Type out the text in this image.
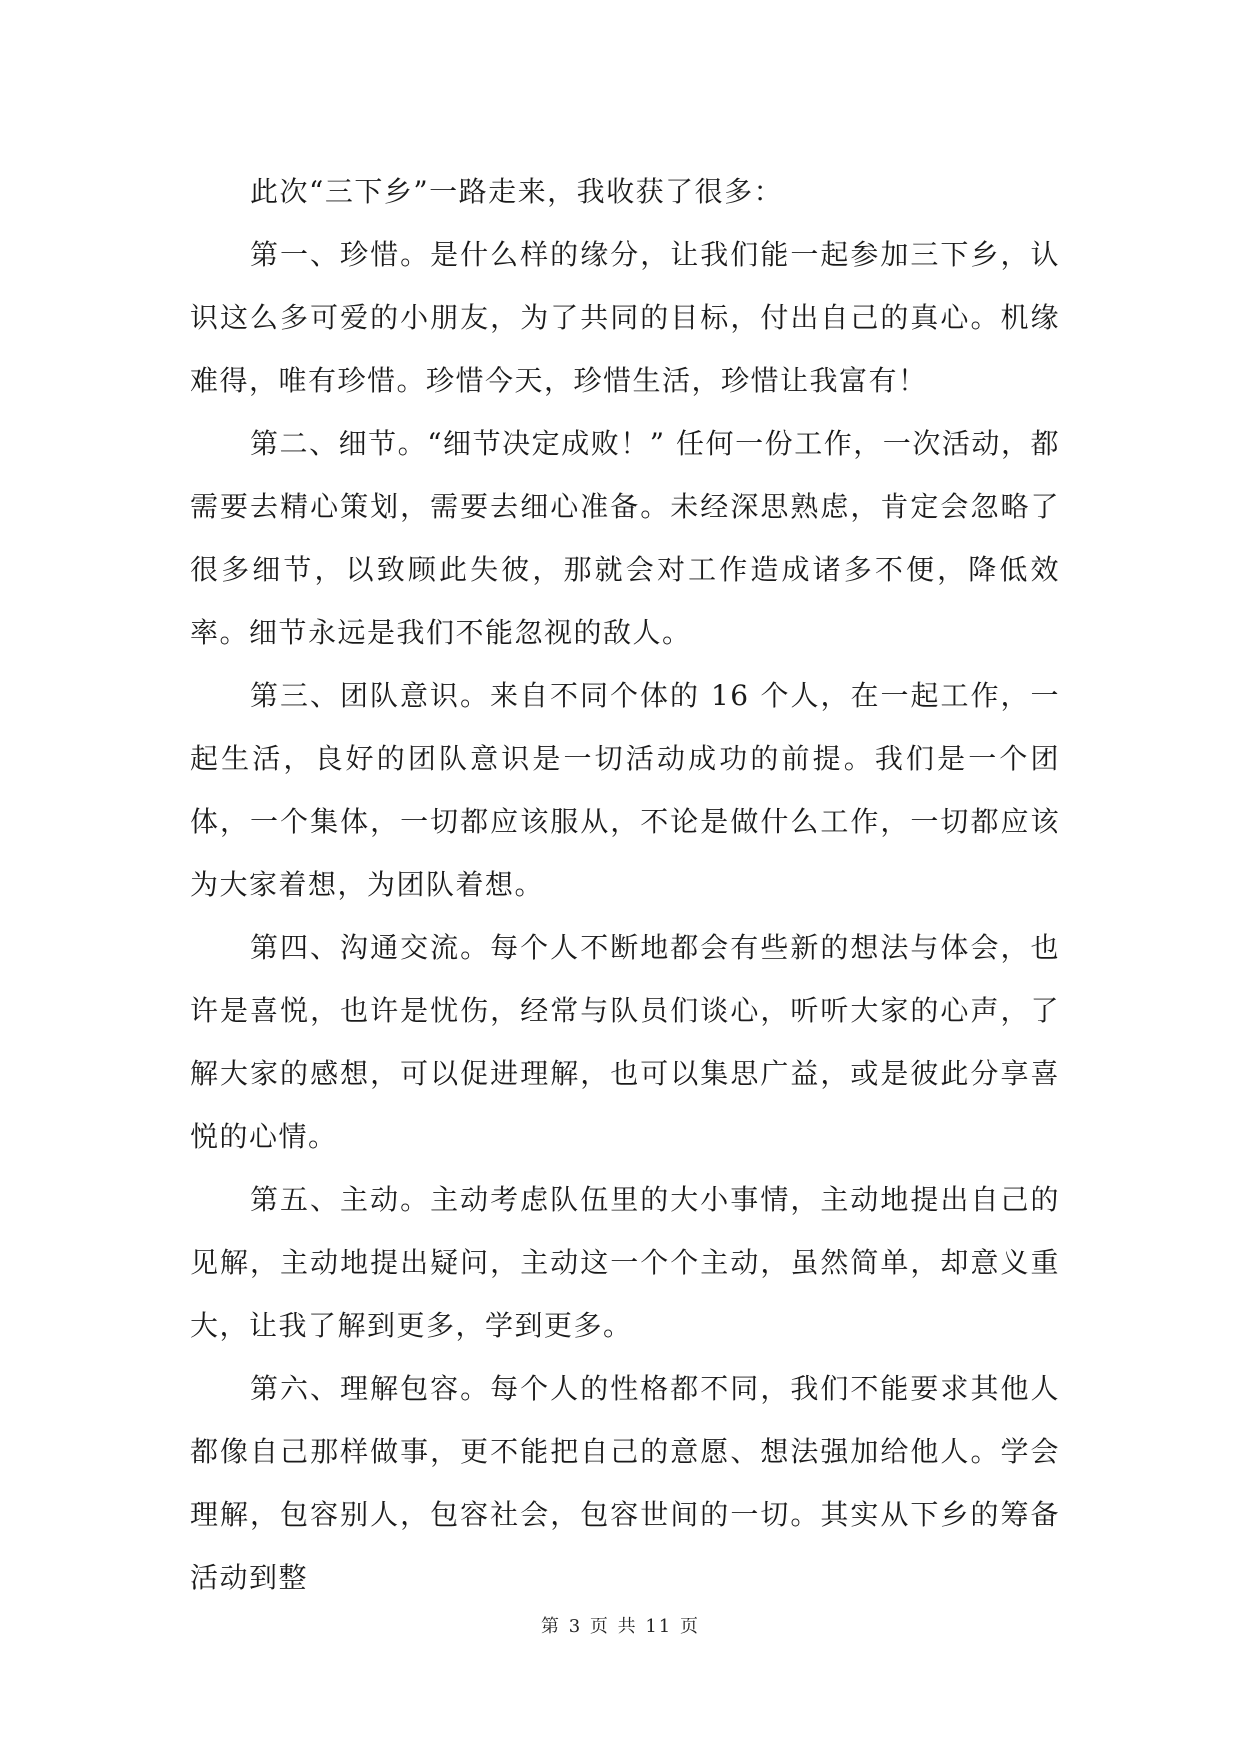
此次“三下乡”一路走来，我收获了很多：

第一、珍惜。是什么样的缘分，让我们能一起参加三下乡，认识这么多可爱的小朋友，为了共同的目标，付出自己的真心。机缘难得，唯有珍惜。珍惜今天，珍惜生活，珍惜让我富有！

第二、细节。“细节决定成败！” 任何一份工作，一次活动，都需要去精心策划，需要去细心准备。未经深思熟虑，肯定会忽略了很多细节，以致顾此失彼，那就会对工作造成诸多不便，降低效率。细节永远是我们不能忽视的敌人。

第三、团队意识。来自不同个体的 16 个人，在一起工作，一起生活，良好的团队意识是一切活动成功的前提。我们是一个团体，一个集体，一切都应该服从，不论是做什么工作，一切都应该为大家着想，为团队着想。

第四、沟通交流。每个人不断地都会有些新的想法与体会，也许是喜悦，也许是忧伤，经常与队员们谈心，听听大家的心声，了解大家的感想，可以促进理解，也可以集思广益，或是彼此分享喜悦的心情。

第五、主动。主动考虑队伍里的大小事情，主动地提出自己的见解，主动地提出疑问，主动这一个个主动，虽然简单，却意义重大，让我了解到更多，学到更多。

第六、理解包容。每个人的性格都不同，我们不能要求其他人都像自己那样做事，更不能把自己的意愿、想法强加给他人。学会理解，包容别人，包容社会，包容世间的一切。其实从下乡的筹备活动到整

第 3 页 共 11 页
